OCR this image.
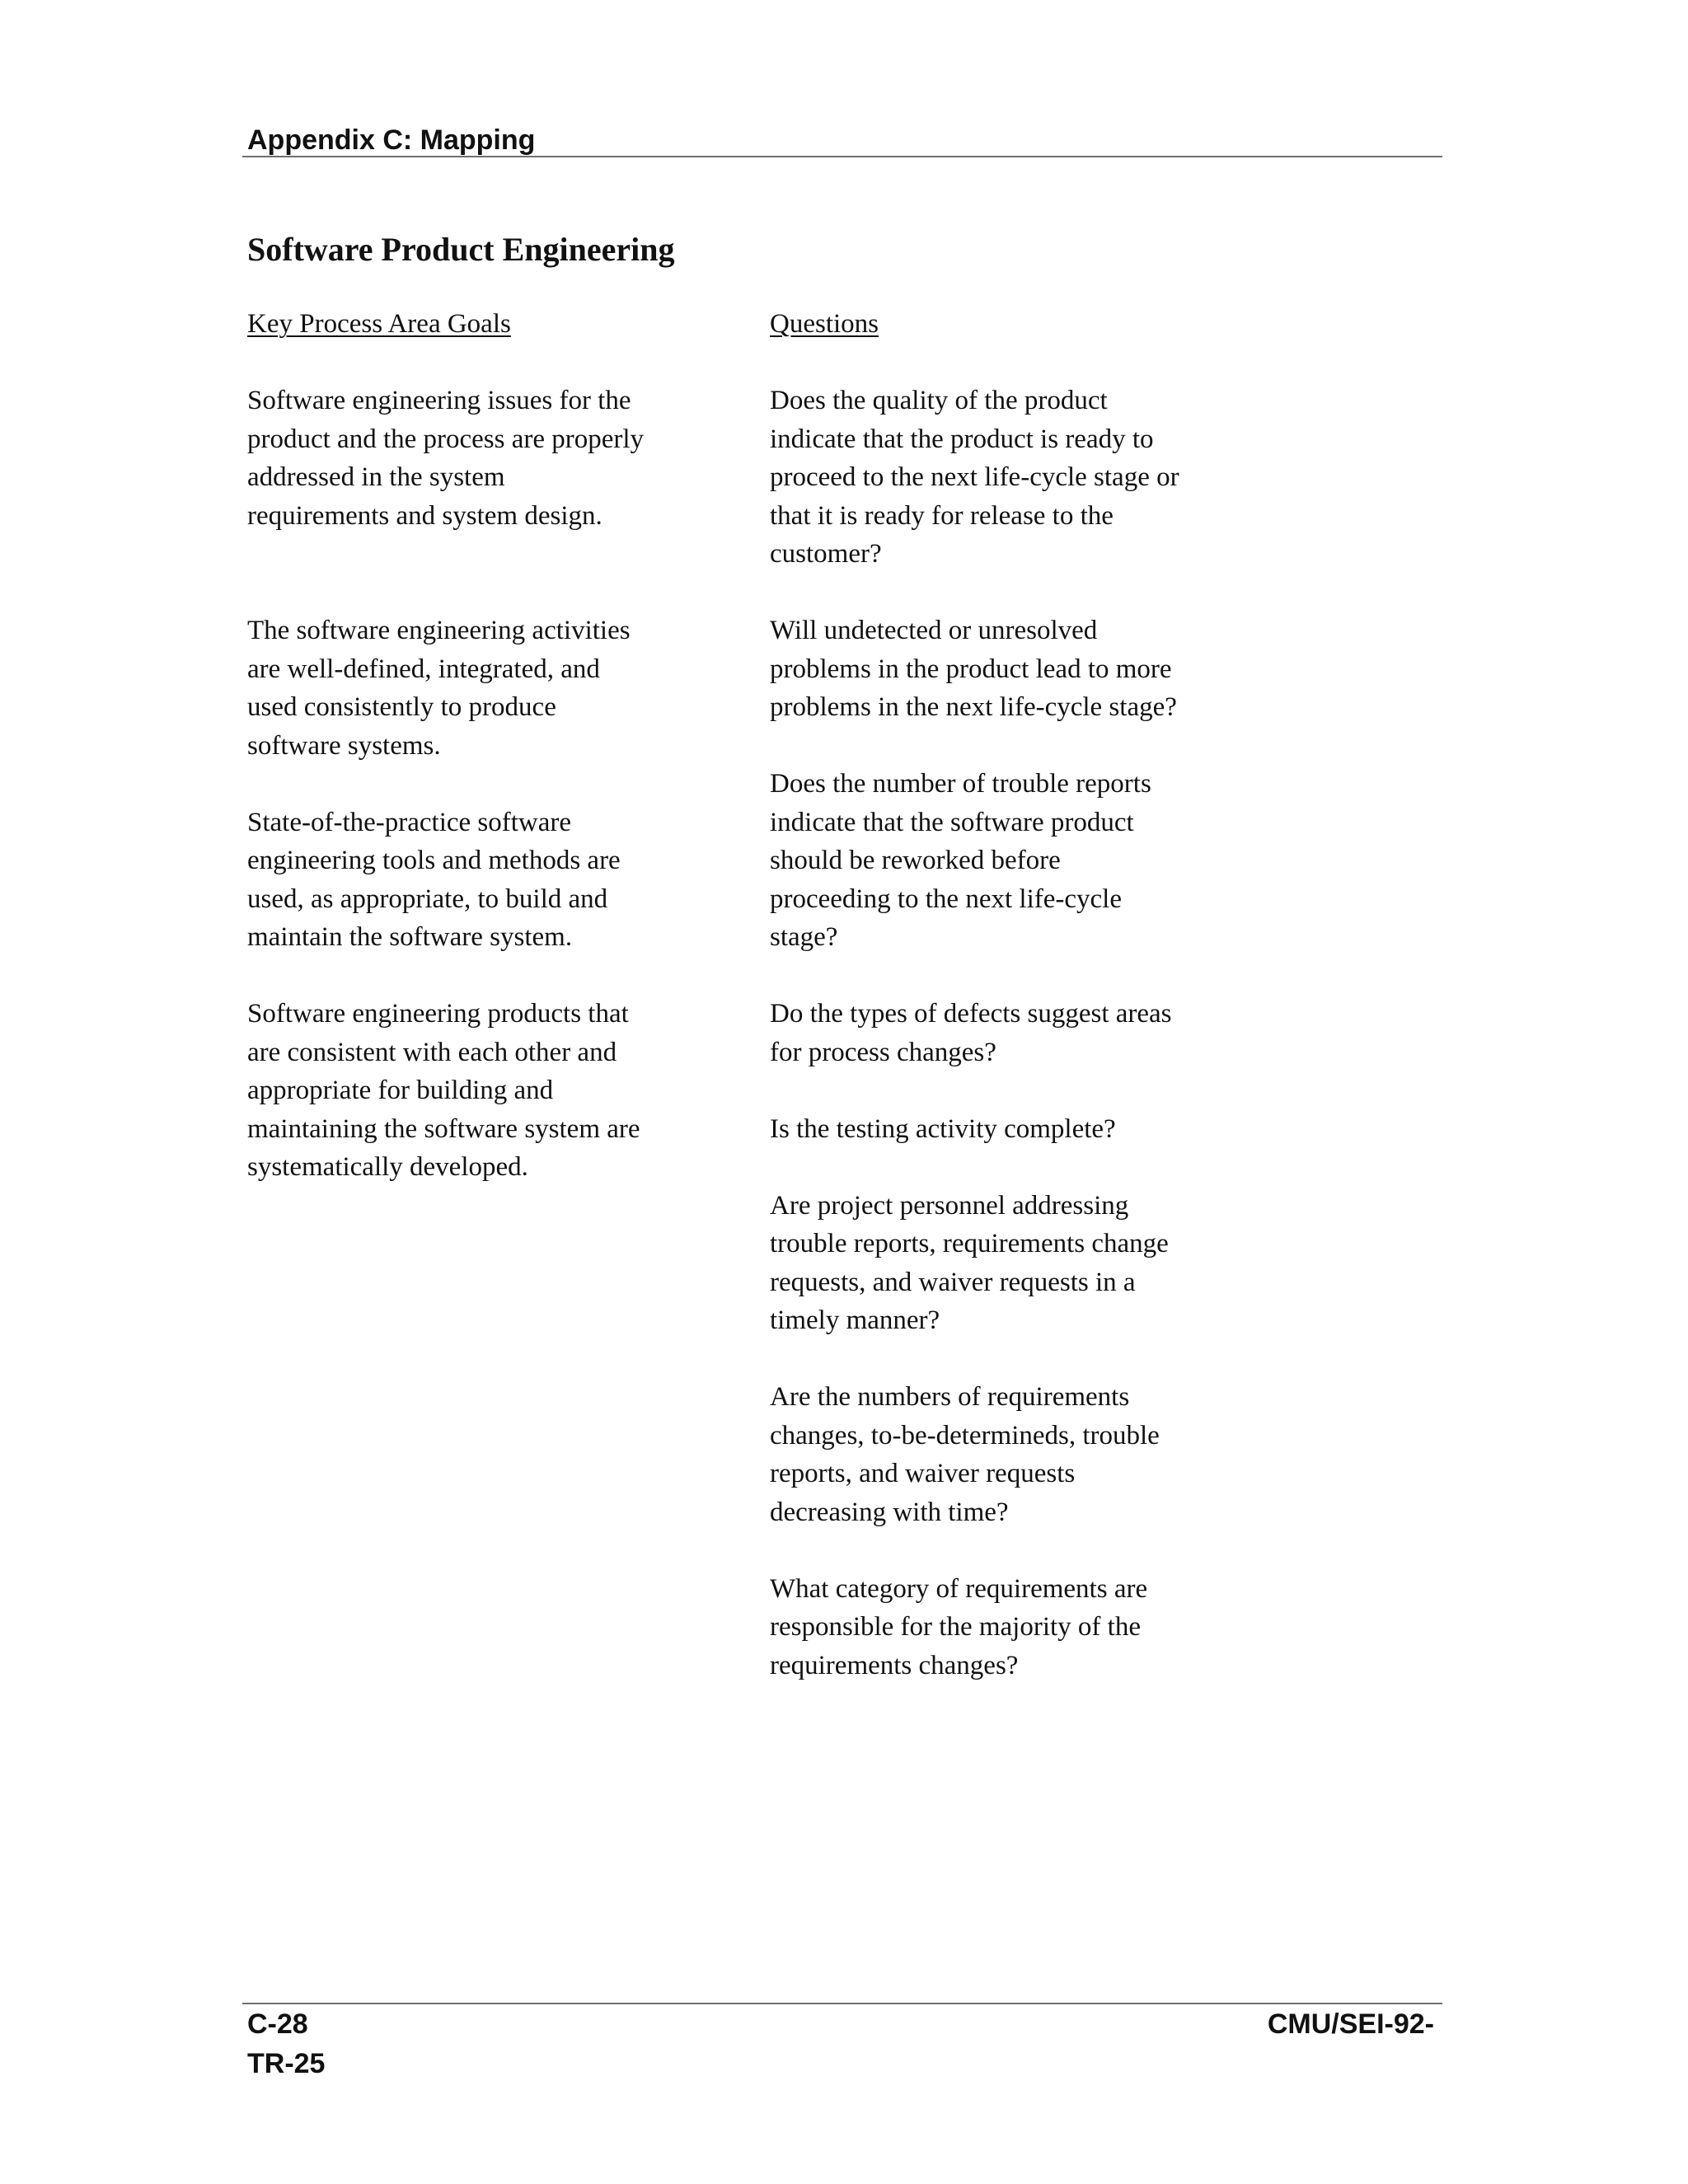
Appendix C: Mapping
Software Product Engineering
Key Process Area Goals
Software engineering issues for the
product and the process are properly
addressed in the system
requirements and system design.
The software engineering activities
are well-defined, integrated, and
used consistently to produce
software systems.
State-of-the-practice software
engineering tools and methods are
used, as appropriate, to build and
maintain the software system.
Software engineering products that
are consistent with each other and
appropriate for building and
maintaining the software system are
systematically developed.
Questions
Does the quality of the product
indicate that the product is ready to
proceed to the next life-cycle stage or
that it is ready for release to the
customer?
Will undetected or unresolved
problems in the product lead to more
problems in the next life-cycle stage?
Does the number of trouble reports
indicate that the software product
should be reworked before
proceeding to the next life-cycle
stage?
Do the types of defects suggest areas
for process changes?
Is the testing activity complete?
Are project personnel addressing
trouble reports, requirements change
requests, and waiver requests in a
timely manner?
Are the numbers of requirements
changes, to-be-determineds, trouble
reports, and waiver requests
decreasing with time?
What category of requirements are
responsible for the majority of the
requirements changes?
C-28
TR-25
CMU/SEI-92-
